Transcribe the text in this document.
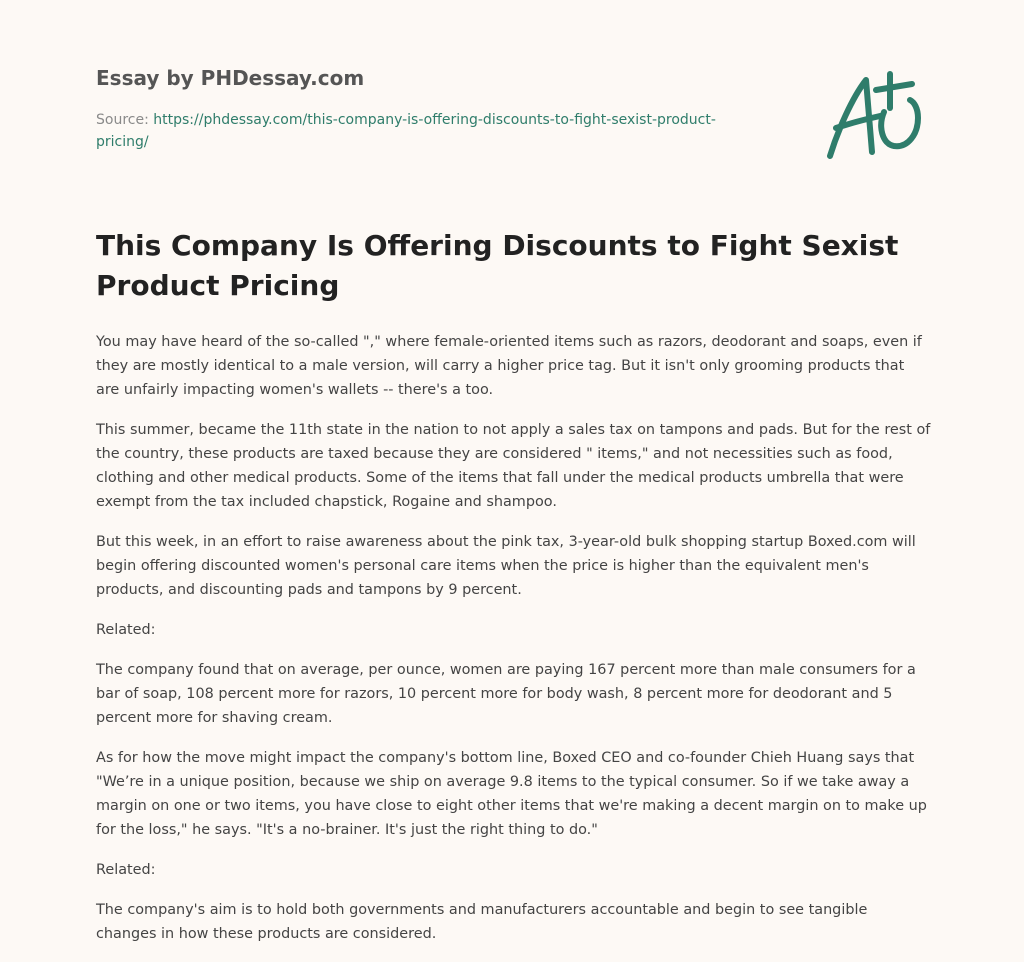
Essay by PHDessay.com
Source: https://phdessay.com/this-company-is-offering-discounts-to-fight-sexist-product-pricing/
This Company Is Offering Discounts to Fight Sexist Product Pricing

You may have heard of the so-called "," where female-oriented items such as razors, deodorant and soaps, even if they are mostly identical to a male version, will carry a higher price tag. But it isn't only grooming products that are unfairly impacting women's wallets -- there's a too.

This summer, became the 11th state in the nation to not apply a sales tax on tampons and pads. But for the rest of the country, these products are taxed because they are considered " items," and not necessities such as food, clothing and other medical products. Some of the items that fall under the medical products umbrella that were exempt from the tax included chapstick, Rogaine and shampoo.

But this week, in an effort to raise awareness about the pink tax, 3-year-old bulk shopping startup Boxed.com will begin offering discounted women's personal care items when the price is higher than the equivalent men's products, and discounting pads and tampons by 9 percent.

Related:

The company found that on average, per ounce, women are paying 167 percent more than male consumers for a bar of soap, 108 percent more for razors, 10 percent more for body wash, 8 percent more for deodorant and 5 percent more for shaving cream.

As for how the move might impact the company's bottom line, Boxed CEO and co-founder Chieh Huang says that "We’re in a unique position, because we ship on average 9.8 items to the typical consumer. So if we take away a margin on one or two items, you have close to eight other items that we're making a decent margin on to make up for the loss," he says. "It's a no-brainer. It's just the right thing to do."

Related:

The company's aim is to hold both governments and manufacturers accountable and begin to see tangible changes in how these products are considered.
